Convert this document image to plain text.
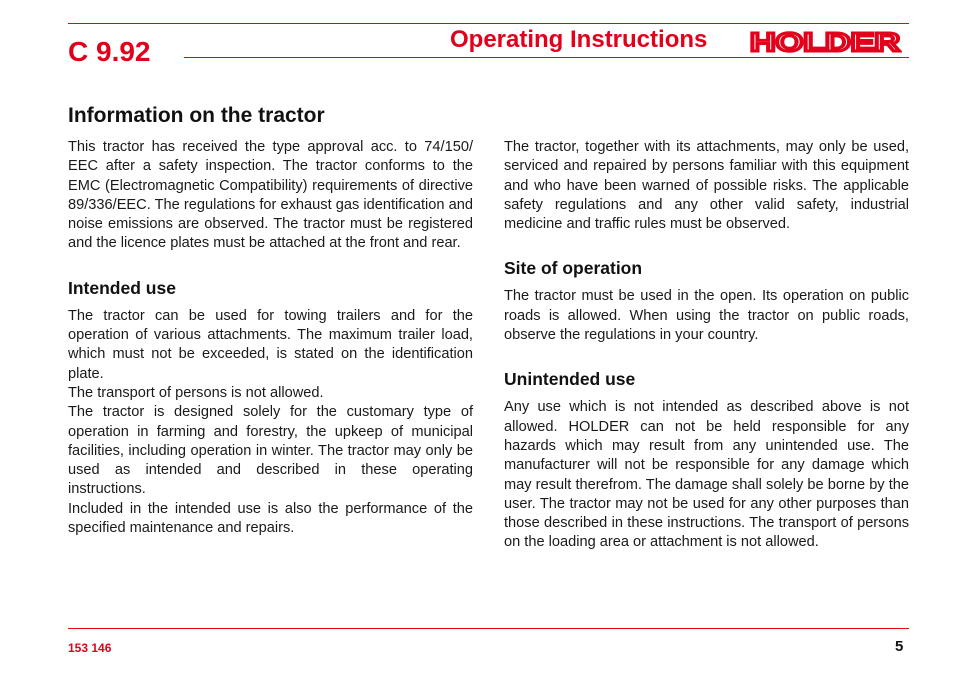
C 9.92	Operating Instructions HOLDER
Information on the tractor

This tractor has received the type approval acc. to 74/150/ EEC after a safety inspection. The tractor conforms to the EMC (Electromagnetic Compatibility) requirements of directive 89/336/EEC. The regulations for exhaust gas identification and noise emissions are observed. The tractor must be registered and the licence plates must be attached at the front and rear.

Intended use

The tractor can be used for towing trailers and for the operation of various attachments. The maximum trailer load, which must not be exceeded, is stated on the identification plate.

The transport of persons is not allowed.

The tractor is designed solely for the customary type of operation in farming and forestry, the upkeep of municipal facilities, including operation in winter. The tractor may only be used as intended and described in these operating instructions.

Included in the intended use is also the performance of the specified maintenance and repairs.

The tractor, together with its attachments, may only be used, serviced and repaired by persons familiar with this equipment and who have been warned of possible risks. The applicable safety regulations and any other valid safety, industrial medicine and traffic rules must be observed.

Site of operation

The tractor must be used in the open. Its operation on public roads is allowed. When using the tractor on public roads, observe the regulations in your country.

Unintended use

Any use which is not intended as described above is not allowed. HOLDER can not be held responsible for any hazards which may result from any unintended use. The manufacturer will not be responsible for any damage which may result therefrom. The damage shall solely be borne by the user. The tractor may not be used for any other purposes than those described in these instructions. The transport of persons on the loading area or attachment is not allowed.

153 146	5
